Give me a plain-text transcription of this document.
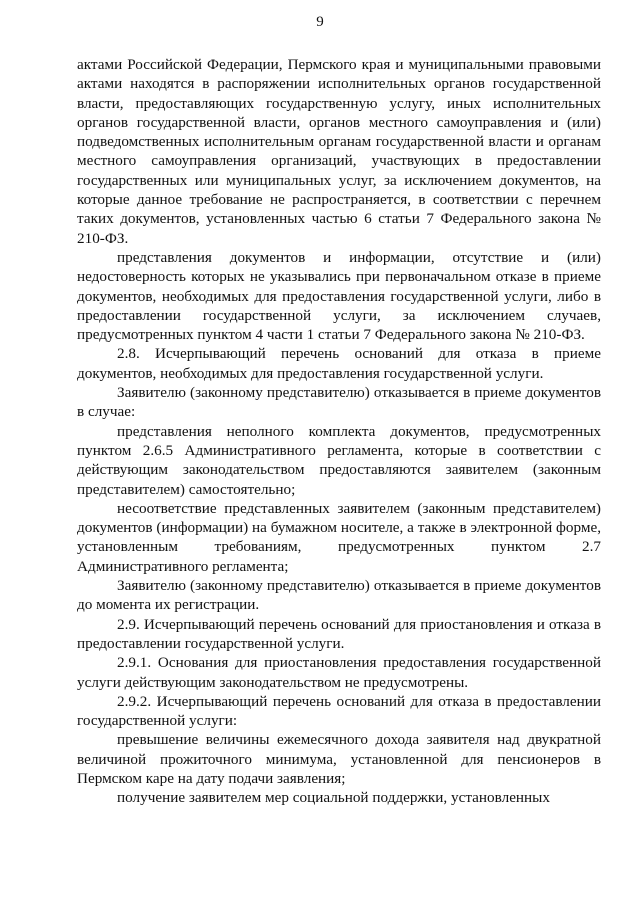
9

актами Российской Федерации, Пермского края и муниципальными правовыми актами находятся в распоряжении исполнительных органов государственной власти, предоставляющих государственную услугу, иных исполнительных органов государственной власти, органов местного самоуправления и (или) подведомственных исполнительным органам государственной власти и органам местного самоуправления организаций, участвующих в предоставлении государственных или муниципальных услуг, за исключением документов, на которые данное требование не распространяется, в соответствии с перечнем таких документов, установленных частью 6 статьи 7 Федерального закона № 210-ФЗ.

представления документов и информации, отсутствие и (или) недостоверность которых не указывались при первоначальном отказе в приеме документов, необходимых для предоставления государственной услуги, либо в предоставлении государственной услуги, за исключением случаев, предусмотренных пунктом 4 части 1 статьи 7 Федерального закона № 210-ФЗ.

2.8. Исчерпывающий перечень оснований для отказа в приеме документов, необходимых для предоставления государственной услуги.

Заявителю (законному представителю) отказывается в приеме документов в случае:

представления неполного комплекта документов, предусмотренных пунктом 2.6.5 Административного регламента, которые в соответствии с действующим законодательством предоставляются заявителем (законным представителем) самостоятельно;

несоответствие представленных заявителем (законным представителем) документов (информации) на бумажном носителе, а также в электронной форме, установленным требованиям, предусмотренных пунктом 2.7 Административного регламента;

Заявителю (законному представителю) отказывается в приеме документов до момента их регистрации.

2.9. Исчерпывающий перечень оснований для приостановления и отказа в предоставлении государственной услуги.

2.9.1. Основания для приостановления предоставления государственной услуги действующим законодательством не предусмотрены.

2.9.2. Исчерпывающий перечень оснований для отказа в предоставлении государственной услуги:

превышение величины ежемесячного дохода заявителя над двукратной величиной прожиточного минимума, установленной для пенсионеров в Пермском каре на дату подачи заявления;

получение заявителем мер социальной поддержки, установленных
